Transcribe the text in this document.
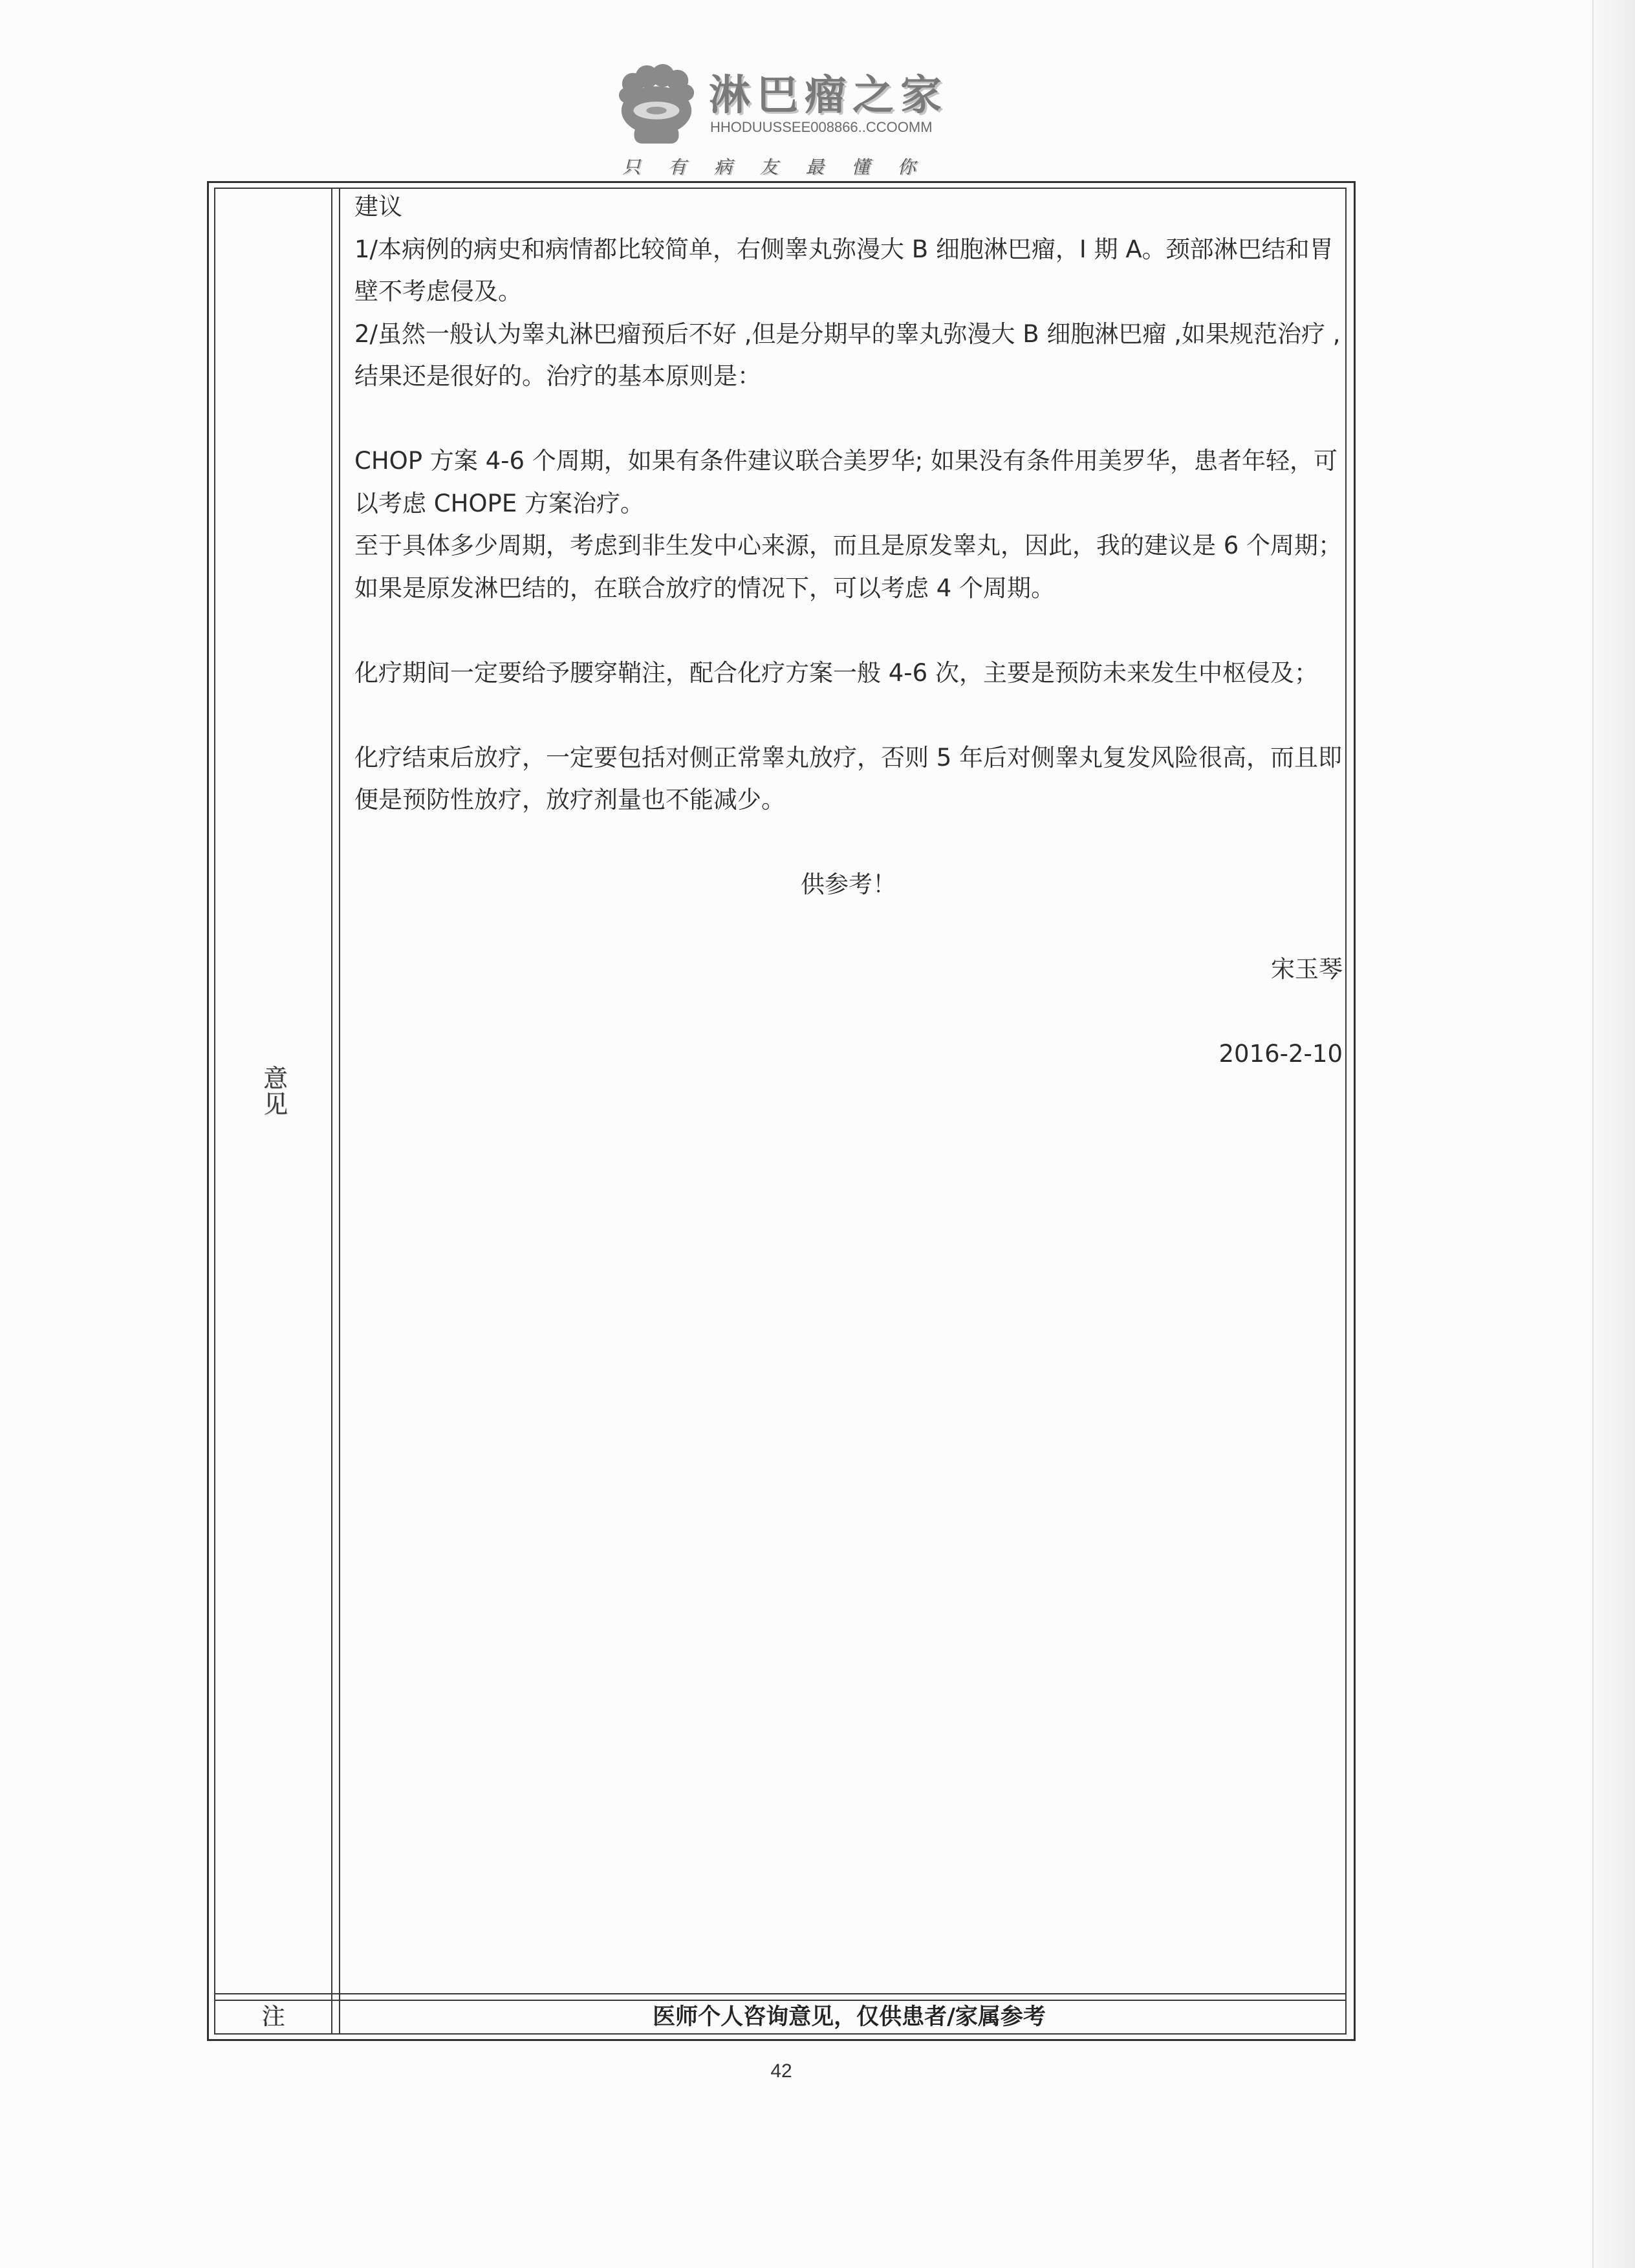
淋巴瘤之家
HHODUUSSEE008866..CCOOMM
只 有 病 友 最 懂 你
意见
建议
1/本病例的病史和病情都比较简单，右侧睾丸弥漫大 B 细胞淋巴瘤，I 期 A。颈部淋巴结和胃
壁不考虑侵及。
2/虽然一般认为睾丸淋巴瘤预后不好 ,但是分期早的睾丸弥漫大 B 细胞淋巴瘤 ,如果规范治疗 ,
结果还是很好的。治疗的基本原则是：
CHOP 方案 4-6 个周期，如果有条件建议联合美罗华; 如果没有条件用美罗华，患者年轻，可
以考虑 CHOPE 方案治疗。
至于具体多少周期，考虑到非生发中心来源，而且是原发睾丸，因此，我的建议是 6 个周期；
如果是原发淋巴结的，在联合放疗的情况下，可以考虑 4 个周期。
化疗期间一定要给予腰穿鞘注，配合化疗方案一般 4-6 次，主要是预防未来发生中枢侵及；
化疗结束后放疗，一定要包括对侧正常睾丸放疗，否则 5 年后对侧睾丸复发风险很高，而且即
便是预防性放疗，放疗剂量也不能减少。
供参考！
宋玉琴
2016-2-10
注	医师个人咨询意见，仅供患者/家属参考
42
